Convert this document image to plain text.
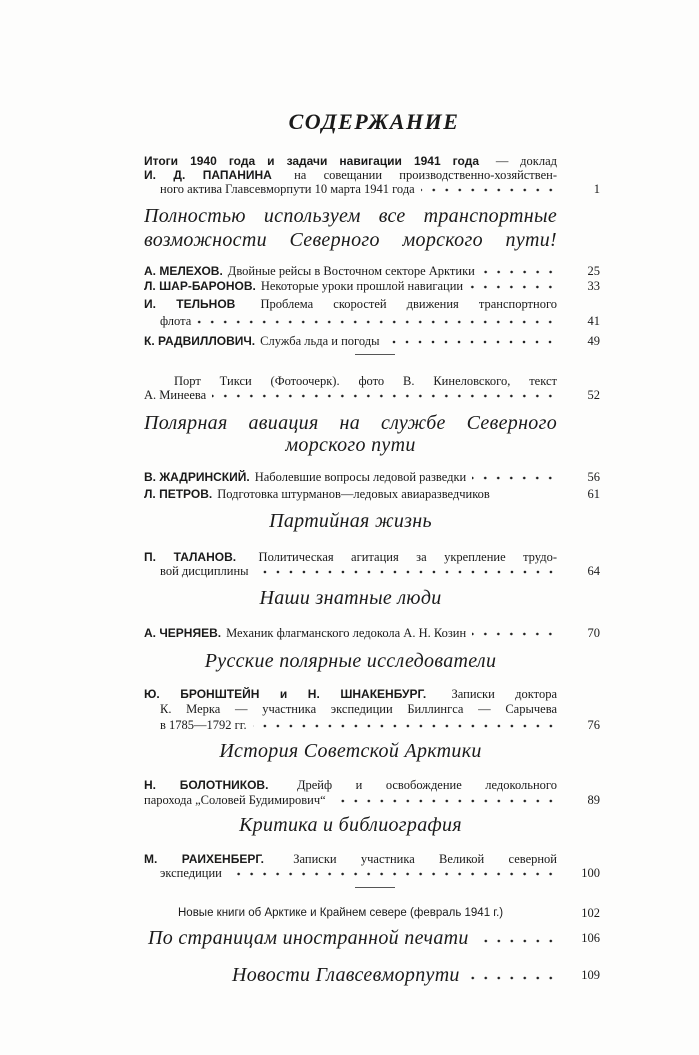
СОДЕРЖАНИЕ
Итоги 1940 года и задачи навигации 1941 года — доклад
И. Д. ПАПАНИНА на совещании производственно-хозяйствен-
ного актива Главсевморпути 10 марта 1941 года	1
Полностью используем все транспортные
возможности Северного морского пути!
А. МЕЛЕХОВ. Двойные рейсы в Восточном секторе Арктики	25
Л. ШАР-БАРОНОВ. Некоторые уроки прошлой навигации	33
И. ТЕЛЬНОВ Проблема скоростей движения транспортного
флота	41
К. РАДВИЛЛОВИЧ. Служба льда и погоды	49
Порт Тикси (Фотоочерк). фото В. Кинеловского, текст
А. Минеева	52
Полярная авиация на службе Северного
морского пути
В. ЖАДРИНСКИЙ. Наболевшие вопросы ледовой разведки	56
Л. ПЕТРОВ. Подготовка штурманов—ледовых авиаразведчиков	61
Партийная жизнь
П. ТАЛАНОВ. Политическая агитация за укрепление трудо-
вой дисциплины	64
Наши знатные люди
А. ЧЕРНЯЕВ. Механик флагманского ледокола А. Н. Козин	70
Русские полярные исследователи
Ю. БРОНШТЕЙН и Н. ШНАКЕНБУРГ. Записки доктора
К. Мерка — участника экспедиции Биллингса — Сарычева
в 1785—1792 гг.	76
История Советской Арктики
Н. БОЛОТНИКОВ. Дрейф и освобождение ледокольного
парохода „Соловей Будимирович“	89
Критика и библиография
М. РАИХЕНБЕРГ. Записки участника Великой северной
экспедиции	100
Новые книги об Арктике и Крайнем севере (февраль 1941 г.)	102
По страницам иностранной печати	106
Новости Главсевморпути	109
